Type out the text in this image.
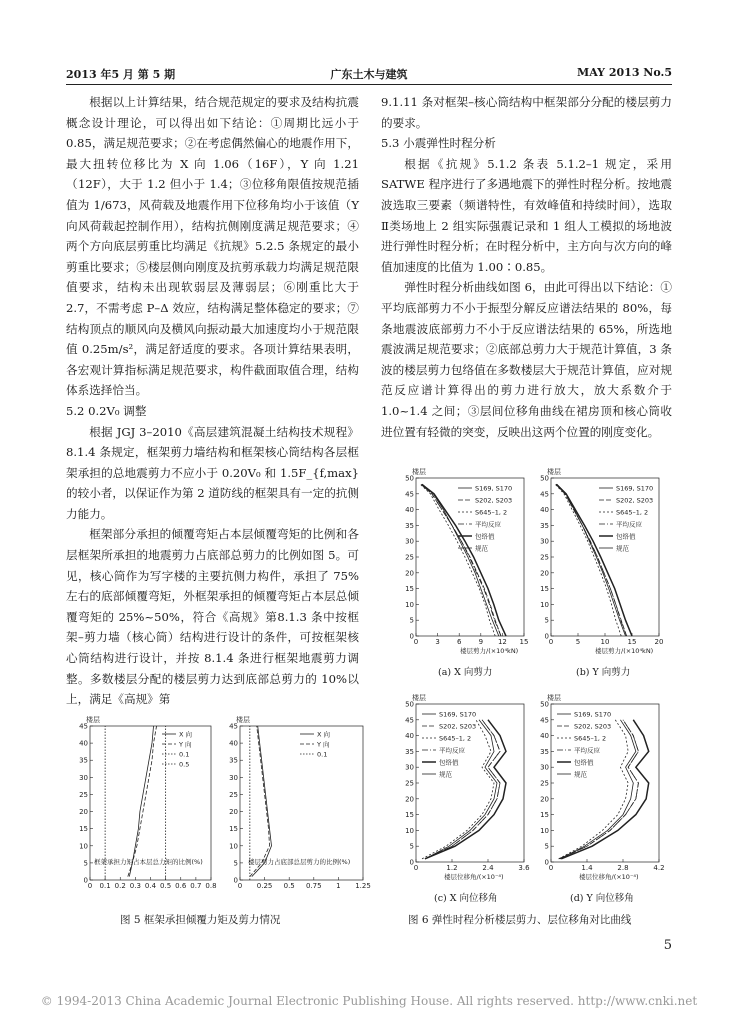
2013 年5 月 第 5 期	广东土木与建筑	MAY 2013 No.5

根据以上计算结果，结合规范规定的要求及结构抗震概念设计理论，可以得出如下结论：①周期比远小于 0.85，满足规范要求；②在考虑偶然偏心的地震作用下，最大扭转位移比为 X 向 1.06（16F），Y 向 1.21（12F），大于 1.2 但小于 1.4；③位移角限值按规范插值为 1/673，风荷载及地震作用下位移角均小于该值（Y 向风荷载起控制作用），结构抗侧刚度满足规范要求；④两个方向底层剪重比均满足《抗规》5.2.5 条规定的最小剪重比要求；⑤楼层侧向刚度及抗剪承载力均满足规范限值要求，结构未出现软弱层及薄弱层；⑥刚重比大于 2.7，不需考虑 P–Δ 效应，结构满足整体稳定的要求；⑦结构顶点的顺风向及横风向振动最大加速度均小于规范限值 0.25m/s²，满足舒适度的要求。各项计算结果表明，各宏观计算指标满足规范要求，构件截面取值合理，结构体系选择恰当。

5.2 0.2V₀ 调整

根据 JGJ 3–2010《高层建筑混凝土结构技术规程》8.1.4 条规定，框架剪力墙结构和框架核心筒结构各层框架承担的总地震剪力不应小于 0.20V₀ 和 1.5F_{f,max} 的较小者，以保证作为第 2 道防线的框架具有一定的抗侧力能力。

框架部分承担的倾覆弯矩占本层倾覆弯矩的比例和各层框架所承担的地震剪力占底部总剪力的比例如图 5。可见，核心筒作为写字楼的主要抗侧力构件，承担了 75%左右的底部倾覆弯矩，外框架承担的倾覆弯矩占本层总倾覆弯矩的 25%~50%，符合《高规》第8.1.3 条中按框架–剪力墙（核心筒）结构进行设计的条件，可按框架核心筒结构进行设计，并按 8.1.4 条进行框架地震剪力调整。多数楼层分配的楼层剪力达到底部总剪力的 10%以上，满足《高规》第

9.1.11 条对框架–核心筒结构中框架部分分配的楼层剪力的要求。

5.3 小震弹性时程分析

根据《抗规》5.1.2 条表 5.1.2–1 规定，采用 SATWE 程序进行了多遇地震下的弹性时程分析。按地震波选取三要素（频谱特性，有效峰值和持续时间），选取 Ⅱ类场地上 2 组实际强震记录和 1 组人工模拟的场地波进行弹性时程分析；在时程分析中，主方向与次方向的峰值加速度的比值为 1.00∶0.85。

弹性时程分析曲线如图 6，由此可得出以下结论：①平均底部剪力不小于振型分解反应谱法结果的 80%，每条地震波底部剪力不小于反应谱法结果的 65%，所选地震波满足规范要求；②底部总剪力大于规范计算值，3 条波的楼层剪力包络值在多数楼层大于规范计算值，应对规范反应谱计算得出的剪力进行放大，放大系数介于 1.0~1.4 之间；③层间位移角曲线在裙房顶和核心筒收进位置有轻微的突变，反映出这两个位置的刚度变化。

0 0.1 0.2 0.3 0.4 0.5 0.6 0.7 0.8
0
5
10
15
20
25
30
35
40
45
楼层
X 向
Y 向
0.1
0.5
框架承担力矩占本层总力矩的比例(%)
0 0.25 0.5 0.75 1 1.25
0
5
10
15
20
25
30
35
40
45
楼层
X 向
Y 向
0.1
楼层剪力占底部总层剪力的比例(%)
图 5 框架承担倾覆力矩及剪力情况
0 3 6 9 12 15
0
5
10
15
20
25
30
35
40
45
50
楼层
S169, S170
S202, S203
S645–1, 2
平均反应
包络值
规范
楼层剪力/(×10⁴kN)
0	5	10	15	20
0
5
10
15
20
25
30
35
40
45
50
楼层
S169, S170
S202, S203
S645–1, 2
平均反应
包络值
规范
楼层剪力/(×10⁴kN)
0	1.2	2.4	3.6
0
5
10
15
20
25
30
35
40
45
50
楼层
S169, S170
S202, S203
S645–1, 2
平均反应
包络值
规范
楼层位移角/(×10⁻⁴)
0	1.4	2.8	4.2
0
5
10
15
20
25
30
35
40
45
50
楼层
S169, S170
S202, S203
S645–1, 2
平均反应
包络值
规范
楼层位移角/(×10⁻⁴)
(a) X 向剪力	(b) Y 向剪力
(c) X 向位移角	(d) Y 向位移角
图 6 弹性时程分析楼层剪力、层位移角对比曲线
5
© 1994-2013 China Academic Journal Electronic Publishing House. All rights reserved. http://www.cnki.net
